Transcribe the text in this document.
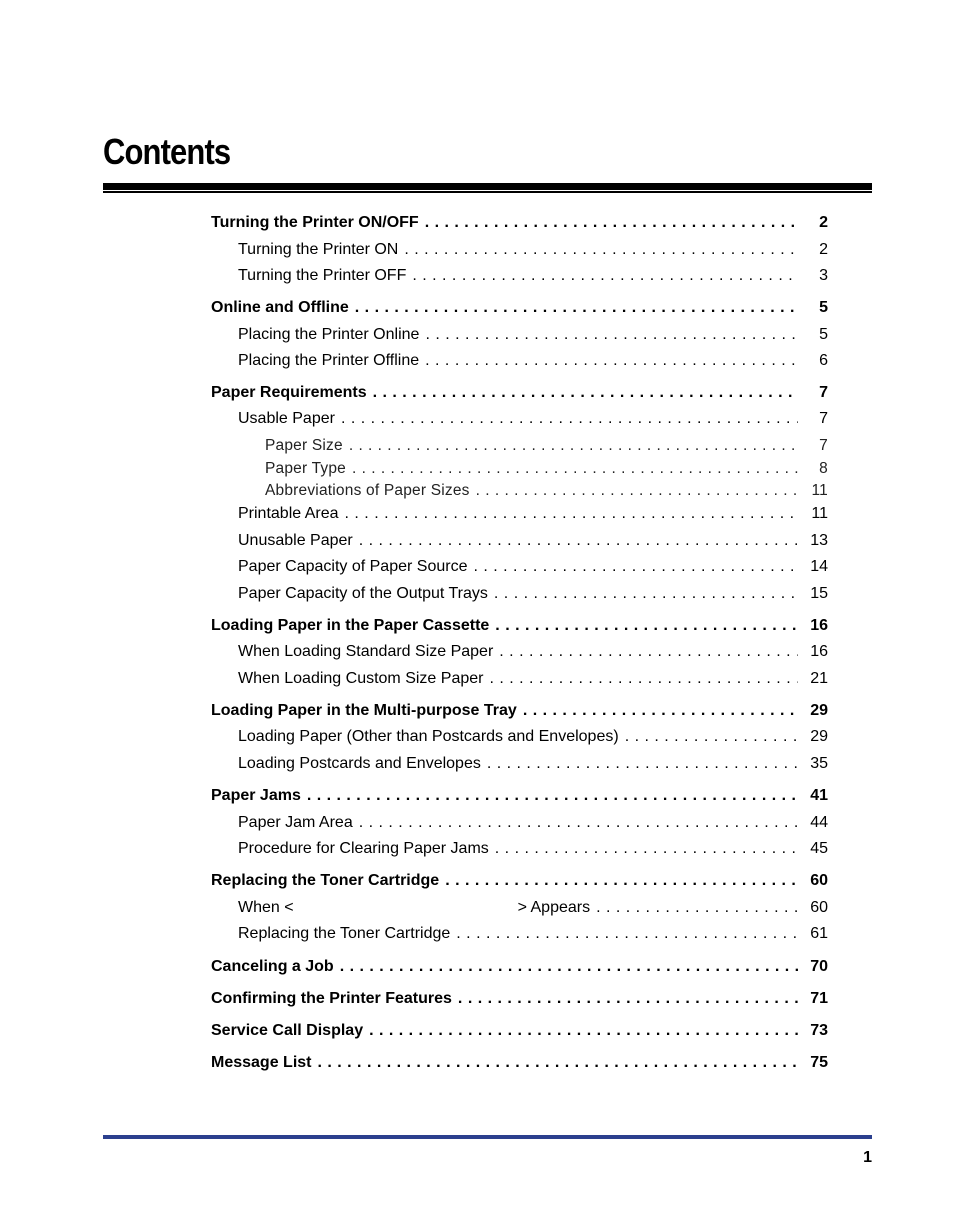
Contents
Turning the Printer ON/OFF . . .	2
Turning the Printer ON . . .	2
Turning the Printer OFF . . .	3
Online and Offline . . .	5
Placing the Printer Online . . .	5
Placing the Printer Offline . . .	6
Paper Requirements . . .	7
Usable Paper . . .	7
Paper Size . . .	7
Paper Type . . .	8
Abbreviations of Paper Sizes . . .	11
Printable Area . . .	11
Unusable Paper . . .	13
Paper Capacity of Paper Source . . .	14
Paper Capacity of the Output Trays . . .	15
Loading Paper in the Paper Cassette . . .	16
When Loading Standard Size Paper . . .	16
When Loading Custom Size Paper . . .	21
Loading Paper in the Multi-purpose Tray . . .	29
Loading Paper (Other than Postcards and Envelopes) . . .	29
Loading Postcards and Envelopes . . .	35
Paper Jams . . .	41
Paper Jam Area . . .	44
Procedure for Clearing Paper Jams . . .	45
Replacing the Toner Cartridge . . .	60
When <	> Appears . . .	60
Replacing the Toner Cartridge . . .	61
Canceling a Job . . .	70
Confirming the Printer Features . . .	71
Service Call Display . . .	73
Message List . . .	75
1
